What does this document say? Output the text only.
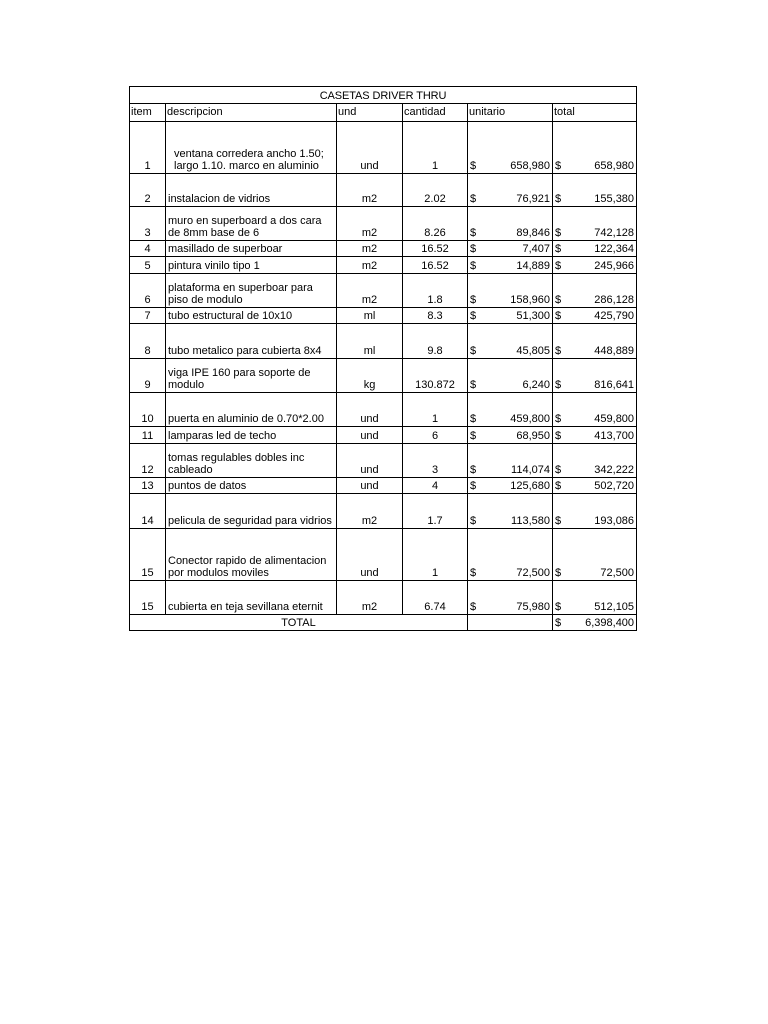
CASETAS DRIVER THRU					
item	descripcion	und	cantidad	unitario	total
1	ventana corredera ancho 1.50; largo 1.10. marco en aluminio	und	1	$ 658,980	$ 658,980

2	instalacion de vidrios	m2	2.02	$ 76,921	$ 155,380

3	muro en superboard a dos cara de 8mm base de 6	m2	8.26	$ 89,846	$ 742,128

4	masillado de superboar	m2	16.52	$ 7,407	$ 122,364

5	pintura vinilo tipo 1	m2	16.52	$ 14,889	$ 245,966

6	plataforma en superboar para piso de modulo	m2	1.8	$ 158,960	$ 286,128

7	tubo estructural de 10x10	ml	8.3	$ 51,300	$ 425,790

8	tubo metalico para cubierta 8x4	ml	9.8	$ 45,805	$ 448,889

9	viga IPE 160 para soporte de modulo	kg	130.872	$ 6,240	$ 816,641

10	puerta en aluminio de 0.70*2.00	und	1	$ 459,800	$ 459,800

11	lamparas led de techo	und	6	$ 68,950	$ 413,700

12	tomas regulables dobles inc cableado	und	3	$ 114,074	$ 342,222

13	puntos de datos	und	4	$ 125,680	$ 502,720

14	pelicula de seguridad para vidrios	m2	1.7	$ 113,580	$ 193,086

15	Conector rapido de alimentacion por modulos moviles	und	1	$ 72,500	$ 72,500

15	cubierta en teja sevillana eternit	m2	6.74	$ 75,980	$ 512,105

TOTAL					$ 6,398,400
